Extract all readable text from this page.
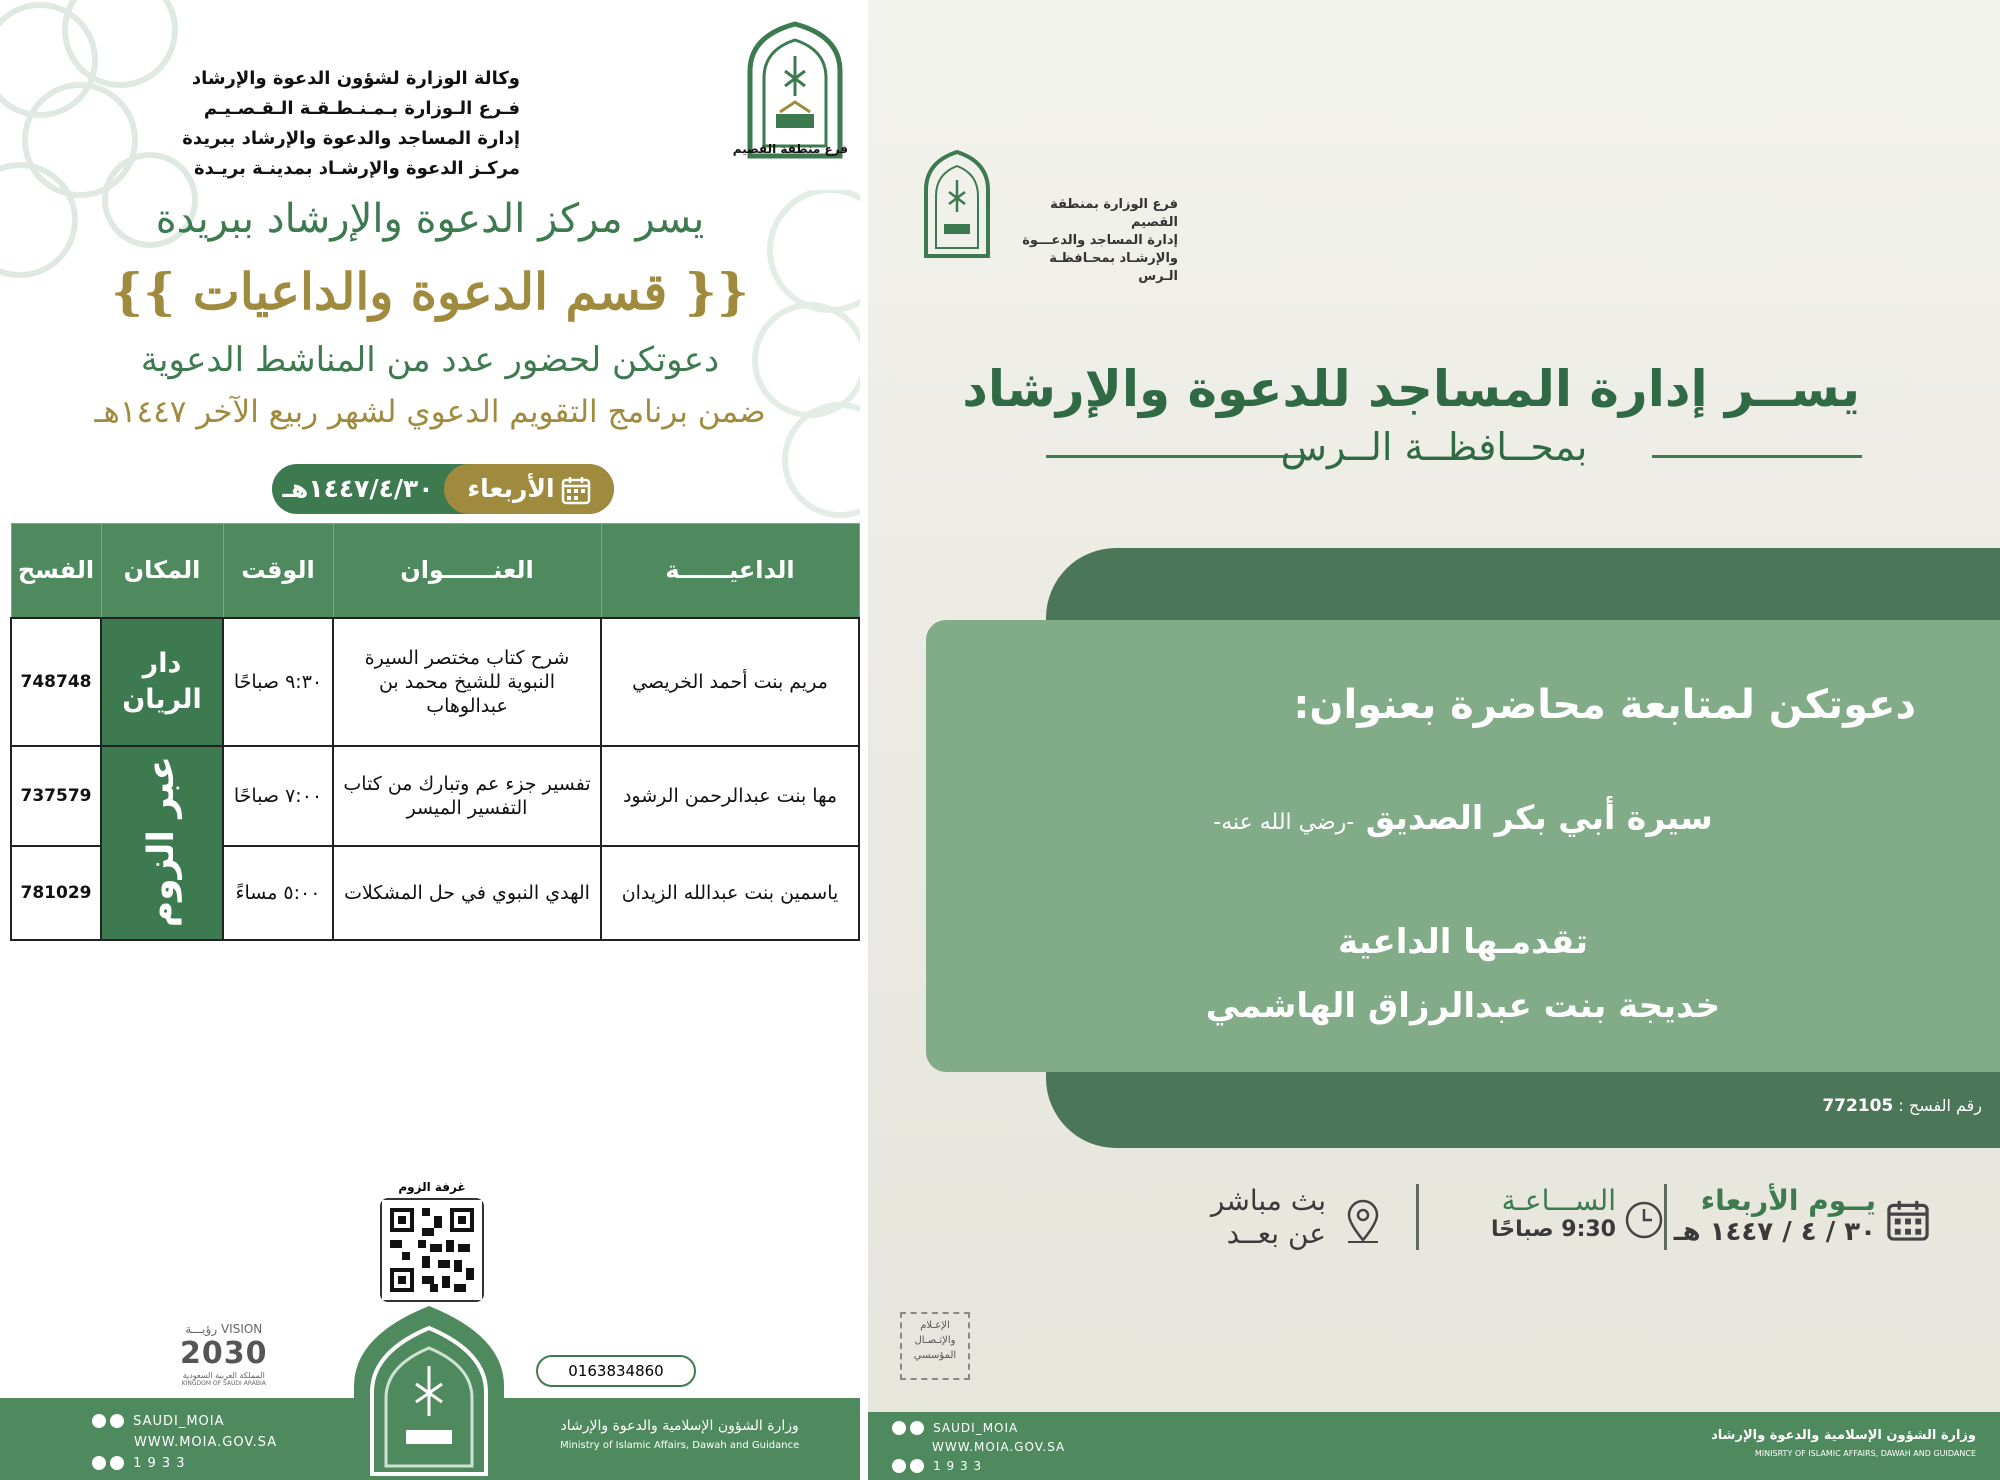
وكالة الوزارة لشؤون الدعوة والإرشاد
فـرع الـوزارة بـمـنـطـقـة الـقـصـيـم
إدارة المساجد والدعوة والإرشاد ببريدة
مركـز الدعوة والإرشـاد بمدينـة بريـدة
فرع منطقة القصيم
يسر مركز الدعوة والإرشاد ببريدة
{{ قسم الدعوة والداعيات }}
دعوتكن لحضور عدد من المناشط الدعوية
ضمن برنامج التقويم الدعوي لشهر ربيع الآخر ١٤٤٧هـ
الأربعاء
١٤٤٧/٤/٣٠هـ
الداعيــــــة	العنــــــوان	الوقت	المكان	الفسح
مريم بنت أحمد الخريصي	شرح كتاب مختصر السيرة النبوية للشيخ محمد بن عبدالوهاب	٩:٣٠ صباحًا	دار الريان	748748
مها بنت عبدالرحمن الرشود	تفسير جزء عم وتبارك من كتاب التفسير الميسر	٧:٠٠ صباحًا	عبر الزوم	737579
ياسمين بنت عبدالله الزيدان	الهدي النبوي في حل المشكلات	٥:٠٠ مساءً		781029
غرفة الزوم
VISION رؤيـــة
2030
المملكة العربية السعودية
KINGDOM OF SAUDI ARABIA
0163834860
SAUDI_MOIA
WWW.MOIA.GOV.SA
1 9 3 3
وزارة الشؤون الإسلامية والدعوة والإرشاد
Ministry of Islamic Affairs, Dawah and Guidance
فرع الوزارة بمنطقة القصيم
إدارة المساجد والدعـــوة
والإرشـاد بمحـافظـة الـرس
يســر إدارة المساجد للدعوة والإرشاد
بمحــافظــة الــرس
دعوتكن لمتابعة محاضرة بعنوان:
سيرة أبي بكر الصديق -رضي الله عنه-
تقدمـها الداعية
خديجة بنت عبدالرزاق الهاشمي
رقم الفسح : 772105
يــوم الأربعاء
٣٠ / ٤ / ١٤٤٧ هـ
الســـاعـة
9:30 صباحًا
بث مباشر
عن بعــد
الإعـلام
والإتـصـال
المؤسسي
SAUDI_MOIA
WWW.MOIA.GOV.SA
1 9 3 3
وزارة الشؤون الإسلامية والدعوة والإرشاد
MINISRTY OF ISLAMIC AFFAIRS, DAWAH AND GUIDANCE
